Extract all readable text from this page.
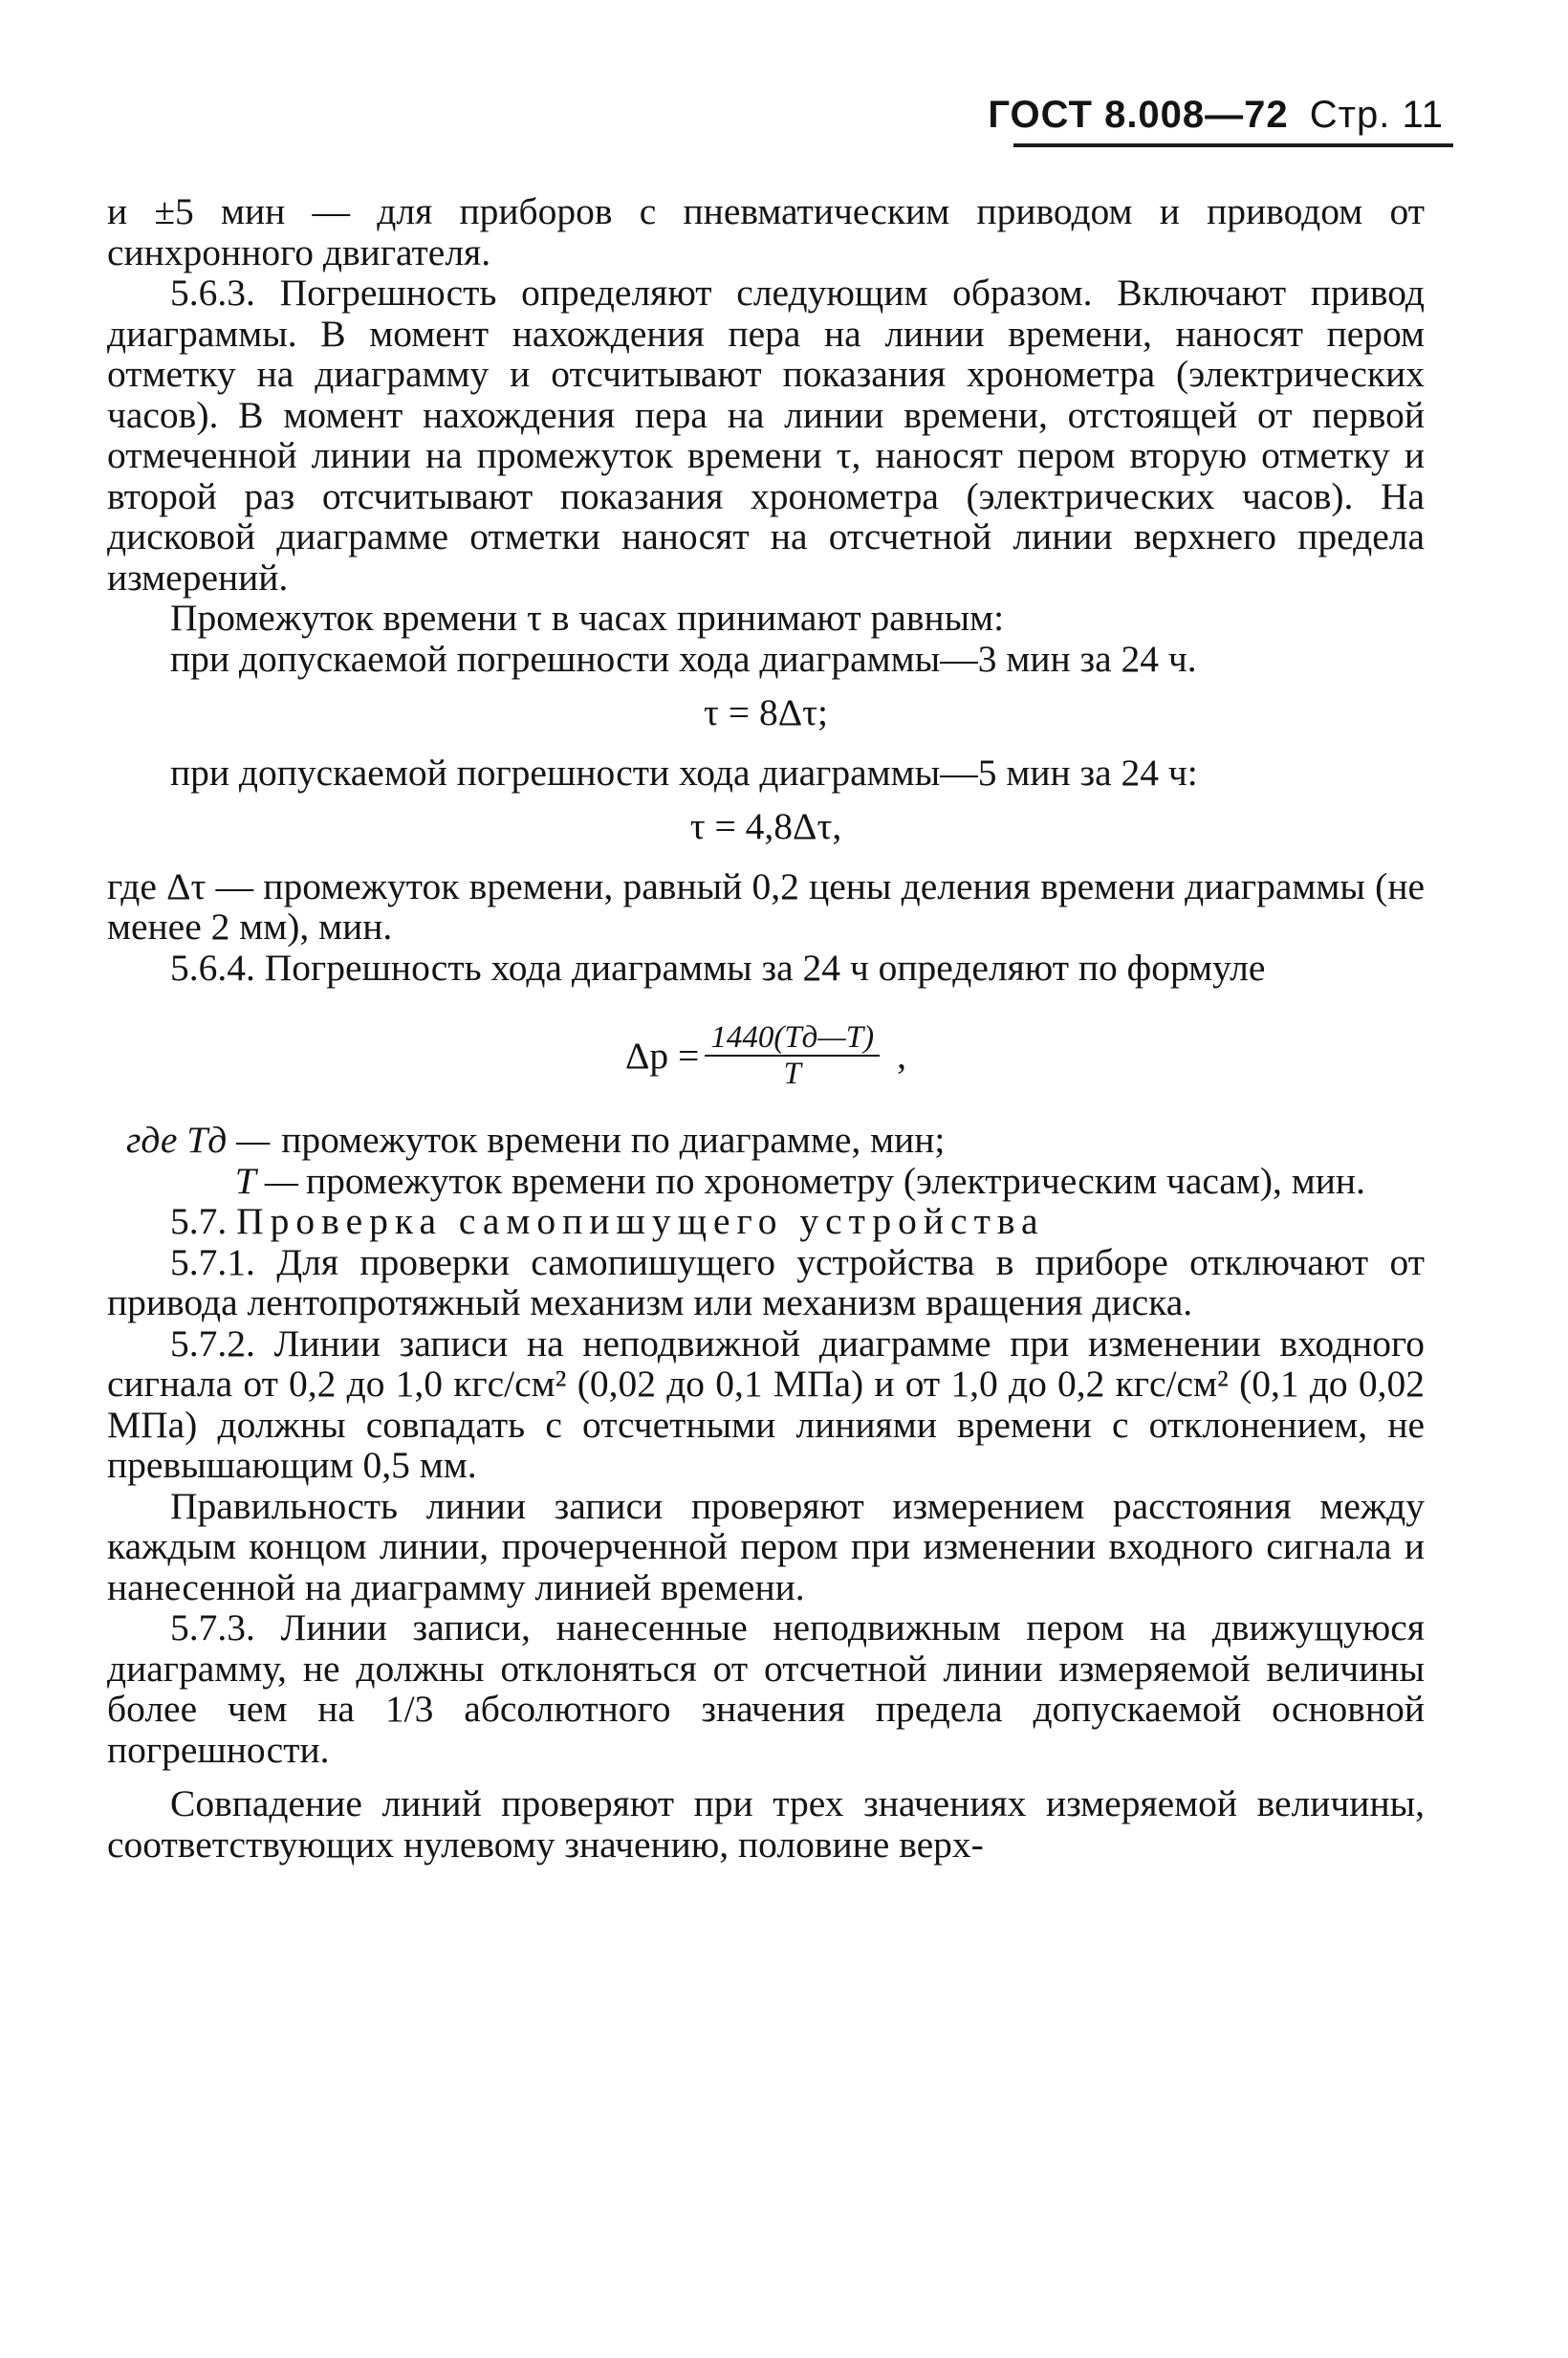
ГОСТ 8.008—72 Стр. 11

и ±5 мин — для приборов с пневматическим приводом и приводом от синхронного двигателя.

5.6.3. Погрешность определяют следующим образом. Включают привод диаграммы. В момент нахождения пера на линии времени, наносят пером отметку на диаграмму и отсчитывают показания хронометра (электрических часов). В момент нахождения пера на линии времени, отстоящей от первой отмеченной линии на промежуток времени τ, наносят пером вторую отметку и второй раз отсчитывают показания хронометра (электрических часов). На дисковой диаграмме отметки наносят на отсчетной линии верхнего предела измерений.

Промежуток времени τ в часах принимают равным:

при допускаемой погрешности хода диаграммы—3 мин за 24 ч.

τ = 8Δτ;

при допускаемой погрешности хода диаграммы—5 мин за 24 ч:

τ = 4,8Δτ,

где Δτ — промежуток времени, равный 0,2 цены деления времени диаграммы (не менее 2 мм), мин.

5.6.4. Погрешность хода диаграммы за 24 ч определяют по формуле

$\Delta р = \frac{1440(Tд—T)}{T}$ ,
где Tд — промежуток времени по диаграмме, мин;
T — промежуток времени по хронометру (электрическим часам), мин.

5.7. Проверка самопишущего устройства

5.7.1. Для проверки самопишущего устройства в приборе отключают от привода лентопротяжный механизм или механизм вращения диска.

5.7.2. Линии записи на неподвижной диаграмме при изменении входного сигнала от 0,2 до 1,0 кгс/см² (0,02 до 0,1 МПа) и от 1,0 до 0,2 кгс/см² (0,1 до 0,02 МПа) должны совпадать с отсчетными линиями времени с отклонением, не превышающим 0,5 мм.

Правильность линии записи проверяют измерением расстояния между каждым концом линии, прочерченной пером при изменении входного сигнала и нанесенной на диаграмму линией времени.

5.7.3. Линии записи, нанесенные неподвижным пером на движущуюся диаграмму, не должны отклоняться от отсчетной линии измеряемой величины более чем на 1/3 абсолютного значения предела допускаемой основной погрешности.

Совпадение линий проверяют при трех значениях измеряемой величины, соответствующих нулевому значению, половине верх-
